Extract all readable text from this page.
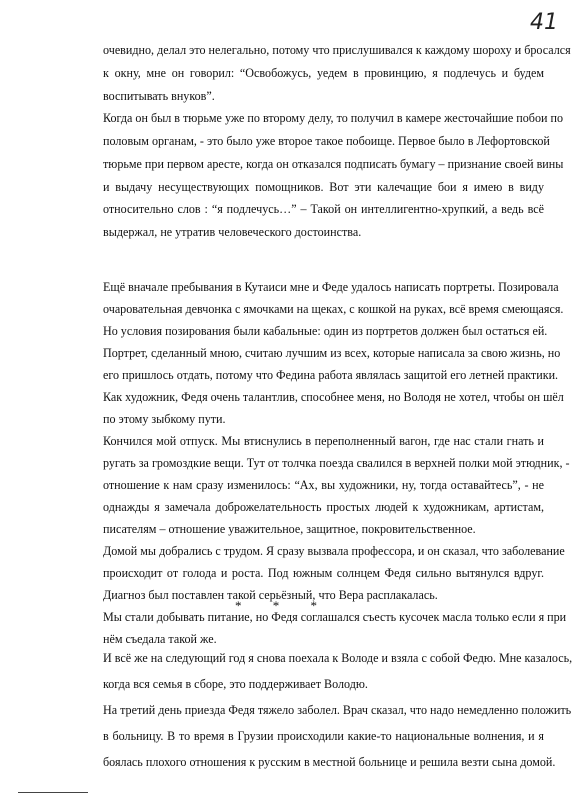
41
очевидно, делал это нелегально, потому что прислушивался к каждому шороху и бросался
к окну, мне он говорил: “Освобожусь, уедем в провинцию, я подлечусь и будем
воспитывать внуков”.
Когда он был в тюрьме уже по второму делу, то получил в камере жесточайшие побои по
половым органам, - это было уже второе такое побоище. Первое было в Лефортовской
тюрьме при первом аресте, когда он отказался подписать бумагу – признание своей вины
и выдачу несуществующих помощников. Вот эти калечащие бои я имею в виду
относительно слов : “я подлечусь…” – Такой он интеллигентно-хрупкий, а ведь всё
выдержал, не утратив человеческого достоинства.
Ещё вначале пребывания в Кутаиси мне и Феде удалось написать портреты. Позировала
очаровательная девчонка с ямочками на щеках, с кошкой на руках, всё время смеющаяся.
Но условия позирования были кабальные: один из портретов должен был остаться ей.
Портрет, сделанный мною, считаю лучшим из всех, которые написала за свою жизнь, но
его пришлось отдать, потому что Федина работа являлась защитой его летней практики.
Как художник, Федя очень талантлив, способнее меня, но Володя не хотел, чтобы он шёл
по этому зыбкому пути.
Кончился мой отпуск. Мы втиснулись в переполненный вагон, где нас стали гнать и
ругать за громоздкие вещи. Тут от толчка поезда свалился в верхней полки мой этюдник, -
отношение к нам сразу изменилось: “Ах, вы художники, ну, тогда оставайтесь”, - не
однажды я замечала доброжелательность простых людей к художникам, артистам,
писателям – отношение уважительное, защитное, покровительственное.
Домой мы добрались с трудом. Я сразу вызвала профессора, и он сказал, что заболевание
происходит от голода и роста. Под южным солнцем Федя сильно вытянулся вдруг.
Диагноз был поставлен такой серьёзный, что Вера расплакалась.
Мы стали добывать питание, но Федя соглашался съесть кусочек масла только если я при
нём съедала такой же.
* * *
И всё же на следующий год я снова поехала к Володе и взяла с собой Федю. Мне казалось,
когда вся семья в сборе, это поддерживает Володю.
На третий день приезда Федя тяжело заболел. Врач сказал, что надо немедленно положить
в больницу. В то время в Грузии происходили какие-то национальные волнения, и я
боялась плохого отношения к русским в местной больнице и решила везти сына домой.
